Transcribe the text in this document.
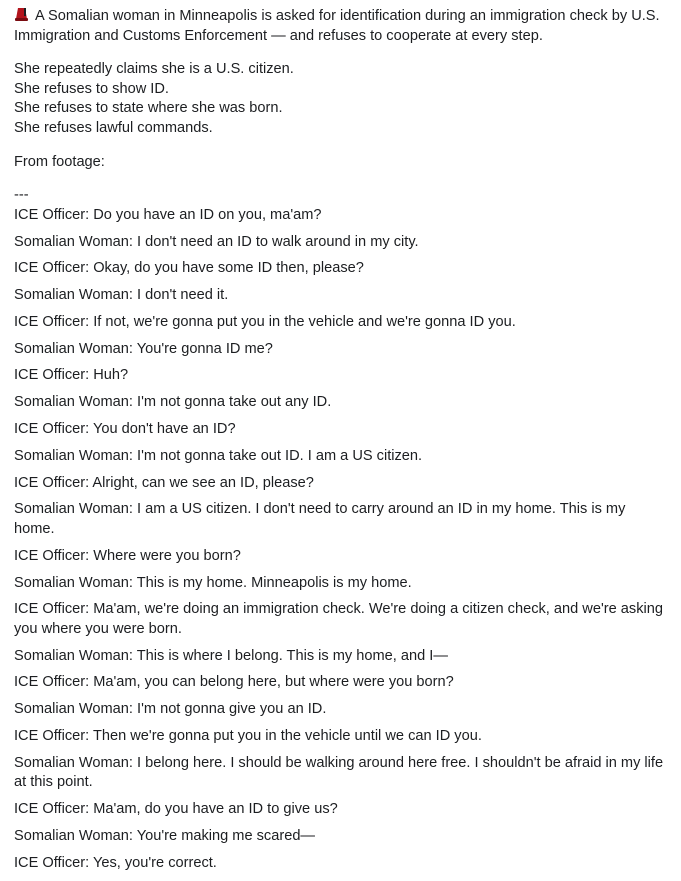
A Somalian woman in Minneapolis is asked for identification during an immigration check by U.S. Immigration and Customs Enforcement — and refuses to cooperate at every step.

She repeatedly claims she is a U.S. citizen.
She refuses to show ID.
She refuses to state where she was born.
She refuses lawful commands.
From footage:
---
ICE Officer: Do you have an ID on you, ma'am?
Somalian Woman: I don't need an ID to walk around in my city.
ICE Officer: Okay, do you have some ID then, please?
Somalian Woman: I don't need it.
ICE Officer: If not, we're gonna put you in the vehicle and we're gonna ID you.
Somalian Woman: You're gonna ID me?
ICE Officer: Huh?
Somalian Woman: I'm not gonna take out any ID.
ICE Officer: You don't have an ID?
Somalian Woman: I'm not gonna take out ID. I am a US citizen.
ICE Officer: Alright, can we see an ID, please?
Somalian Woman: I am a US citizen. I don't need to carry around an ID in my home. This is my home.
ICE Officer: Where were you born?
Somalian Woman: This is my home. Minneapolis is my home.
ICE Officer: Ma'am, we're doing an immigration check. We're doing a citizen check, and we're asking you where you were born.
Somalian Woman: This is where I belong. This is my home, and I—
ICE Officer: Ma'am, you can belong here, but where were you born?
Somalian Woman: I'm not gonna give you an ID.
ICE Officer: Then we're gonna put you in the vehicle until we can ID you.
Somalian Woman: I belong here. I should be walking around here free. I shouldn't be afraid in my life at this point.
ICE Officer: Ma'am, do you have an ID to give us?
Somalian Woman: You're making me scared—
ICE Officer: Yes, you're correct.
